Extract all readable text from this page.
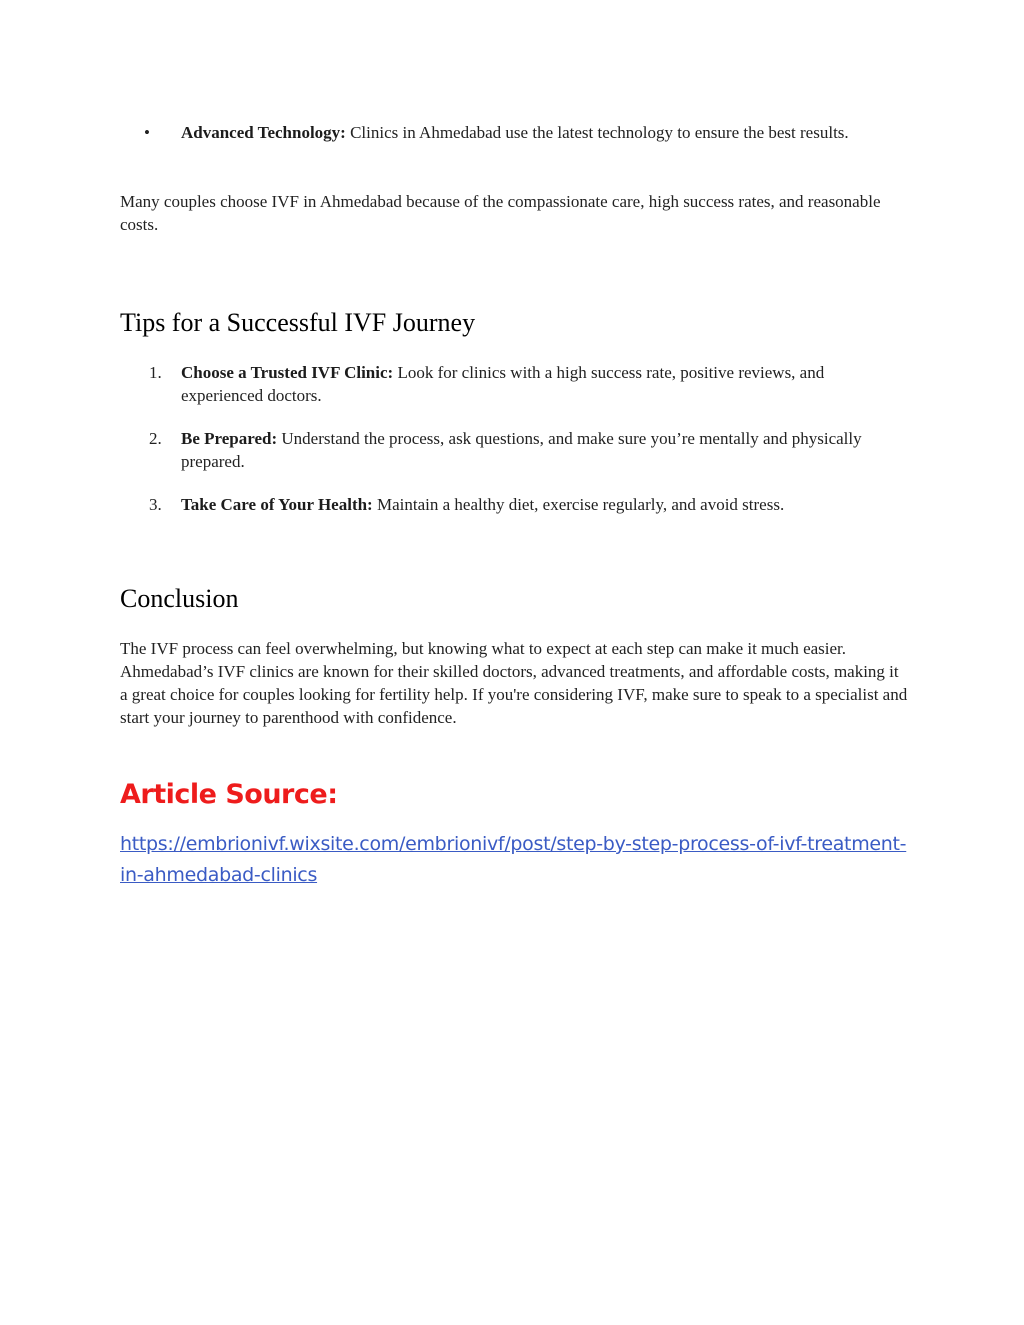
• Advanced Technology: Clinics in Ahmedabad use the latest technology to ensure the best results.

Many couples choose IVF in Ahmedabad because of the compassionate care, high success rates, and reasonable costs.

Tips for a Successful IVF Journey
1. Choose a Trusted IVF Clinic: Look for clinics with a high success rate, positive reviews, and experienced doctors.
2. Be Prepared: Understand the process, ask questions, and make sure you’re mentally and physically prepared.
3. Take Care of Your Health: Maintain a healthy diet, exercise regularly, and avoid stress.
Conclusion

The IVF process can feel overwhelming, but knowing what to expect at each step can make it much easier. Ahmedabad’s IVF clinics are known for their skilled doctors, advanced treatments, and affordable costs, making it a great choice for couples looking for fertility help. If you're considering IVF, make sure to speak to a specialist and start your journey to parenthood with confidence.

Article Source:
https://embrionivf.wixsite.com/embrionivf/post/step-by-step-process-of-ivf-treatment-in-ahmedabad-clinics
